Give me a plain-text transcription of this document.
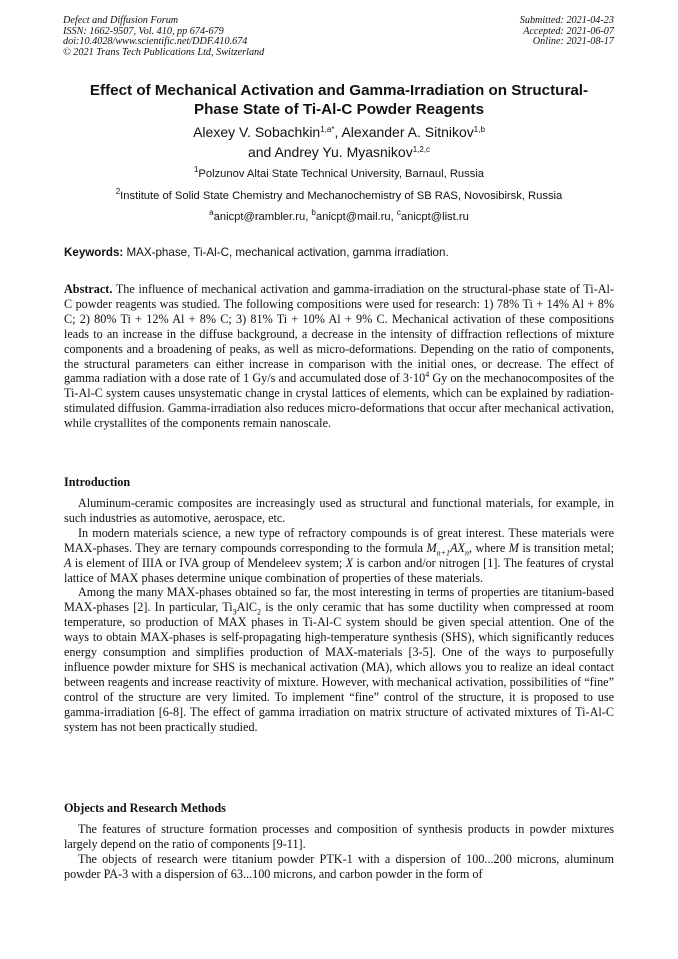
Defect and Diffusion Forum
ISSN: 1662-9507, Vol. 410, pp 674-679
doi:10.4028/www.scientific.net/DDF.410.674
© 2021 Trans Tech Publications Ltd, Switzerland
Submitted: 2021-04-23
Accepted: 2021-06-07
Online: 2021-08-17
Effect of Mechanical Activation and Gamma-Irradiation on Structural-
Phase State of Ti-Al-C Powder Reagents
Alexey V. Sobachkin$^{1,a*}$, Alexander A. Sitnikov$^{1,b}$
and Andrey Yu. Myasnikov$^{1,2,c}$
$^1$Polzunov Altai State Technical University, Barnaul, Russia
$^2$Institute of Solid State Chemistry and Mechanochemistry of SB RAS, Novosibirsk, Russia
$^a$anicpt@rambler.ru, $^b$anicpt@mail.ru, $^c$anicpt@list.ru
Keywords: MAX-phase, Ti-Al-C, mechanical activation, gamma irradiation.

Abstract. The influence of mechanical activation and gamma-irradiation on the structural-phase state of Ti-Al-C powder reagents was studied. The following compositions were used for research: 1) 78% Ti + 14% Al + 8% C; 2) 80% Ti + 12% Al + 8% C; 3) 81% Ti + 10% Al + 9% C. Mechanical activation of these compositions leads to an increase in the diffuse background, a decrease in the intensity of diffraction reflections of mixture components and a broadening of peaks, as well as micro-deformations. Depending on the ratio of components, the structural parameters can either increase in comparison with the initial ones, or decrease. The effect of gamma radiation with a dose rate of 1 Gy/s and accumulated dose of $3\cdot 10^4$ Gy on the mechanocomposites of the Ti-Al-C system causes unsystematic change in crystal lattices of elements, which can be explained by radiation-stimulated diffusion. Gamma-irradiation also reduces micro-deformations that occur after mechanical activation, while crystallites of the components remain nanoscale.

Introduction

Aluminum-ceramic composites are increasingly used as structural and functional materials, for example, in such industries as automotive, aerospace, etc.

In modern materials science, a new type of refractory compounds is of great interest. These materials were MAX-phases. They are ternary compounds corresponding to the formula $M_{n+1}AX_n$, where M is transition metal; A is element of IIIA or IVA group of Mendeleev system; X is carbon and/or nitrogen [1]. The features of crystal lattice of MAX phases determine unique combination of properties of these materials.

Among the many MAX-phases obtained so far, the most interesting in terms of properties are titanium-based MAX-phases [2]. In particular, $Ti_3AlC_2$ is the only ceramic that has some ductility when compressed at room temperature, so production of MAX phases in Ti-Al-C system should be given special attention. One of the ways to obtain MAX-phases is self-propagating high-temperature synthesis (SHS), which significantly reduces energy consumption and simplifies production of MAX-materials [3-5]. One of the ways to purposefully influence powder mixture for SHS is mechanical activation (MA), which allows you to realize an ideal contact between reagents and increase reactivity of mixture. However, with mechanical activation, possibilities of “fine” control of the structure are very limited. To implement “fine” control of the structure, it is proposed to use gamma-irradiation [6-8]. The effect of gamma irradiation on matrix structure of activated mixtures of Ti-Al-C system has not been practically studied.

Objects and Research Methods

The features of structure formation processes and composition of synthesis products in powder mixtures largely depend on the ratio of components [9-11].

The objects of research were titanium powder PTK-1 with a dispersion of 100...200 microns, aluminum powder PA-3 with a dispersion of 63...100 microns, and carbon powder in the form of
